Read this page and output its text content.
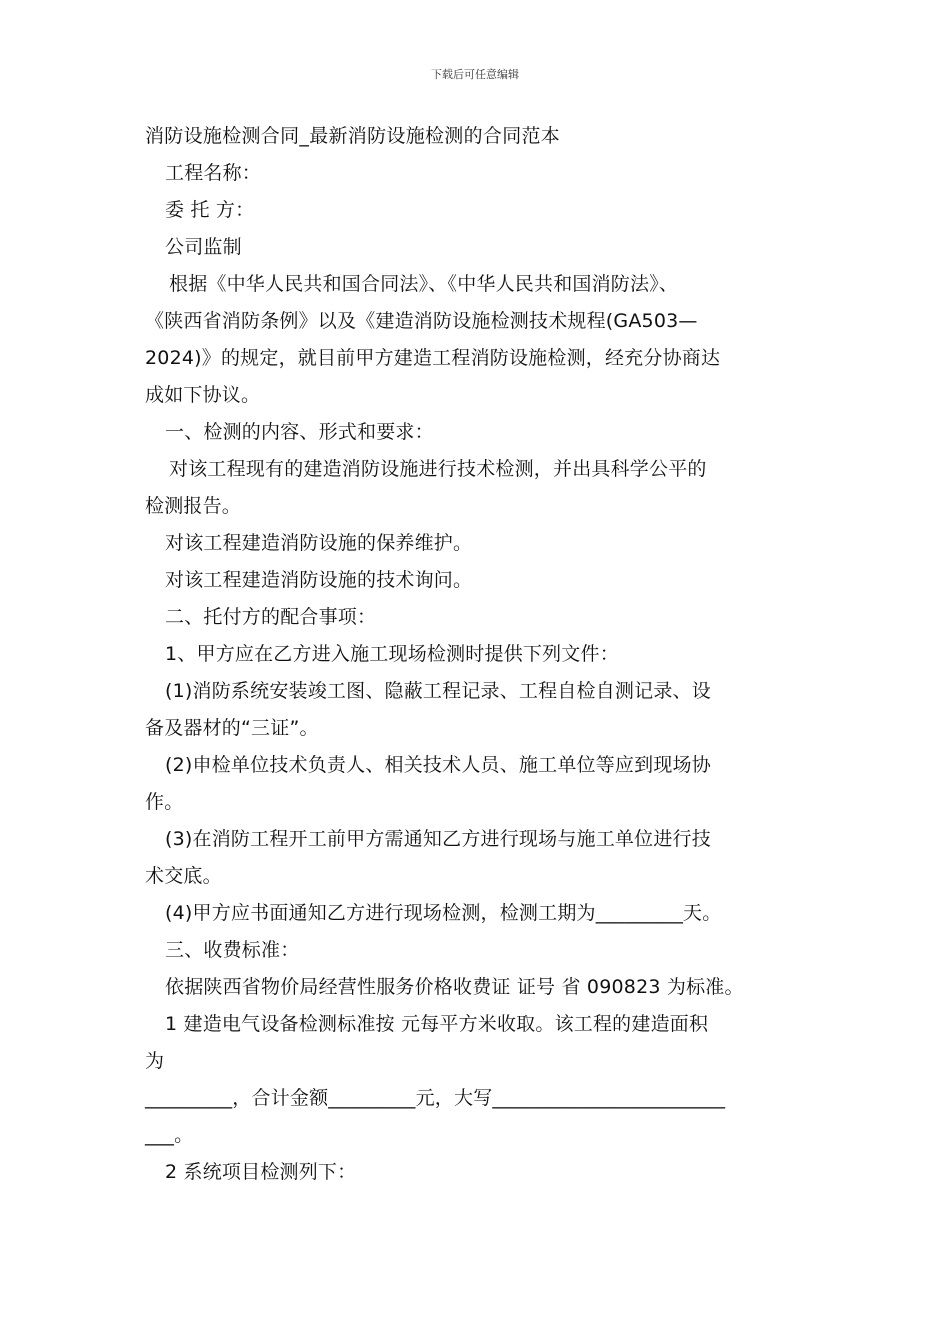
下载后可任意编辑

消防设施检测合同_最新消防设施检测的合同范本

工程名称：

委 托 方：

公司监制

根据《中华人民共和国合同法》、《中华人民共和国消防法》、

《陕西省消防条例》以及《建造消防设施检测技术规程(GA503—

2024)》的规定，就目前甲方建造工程消防设施检测，经充分协商达

成如下协议。

一、检测的内容、形式和要求：

对该工程现有的建造消防设施进行技术检测，并出具科学公平的

检测报告。

对该工程建造消防设施的保养维护。

对该工程建造消防设施的技术询问。

二、托付方的配合事项：

1、甲方应在乙方进入施工现场检测时提供下列文件：

(1)消防系统安装竣工图、隐蔽工程记录、工程自检自测记录、设

备及器材的“三证”。

(2)申检单位技术负责人、相关技术人员、施工单位等应到现场协

作。

(3)在消防工程开工前甲方需通知乙方进行现场与施工单位进行技

术交底。

(4)甲方应书面通知乙方进行现场检测，检测工期为_________天。

三、收费标准：

依据陕西省物价局经营性服务价格收费证 证号 省 090823 为标准。

1 建造电气设备检测标准按 元每平方米收取。该工程的建造面积

为

_________，合计金额_________元，大写________________________

___。

2 系统项目检测列下：
